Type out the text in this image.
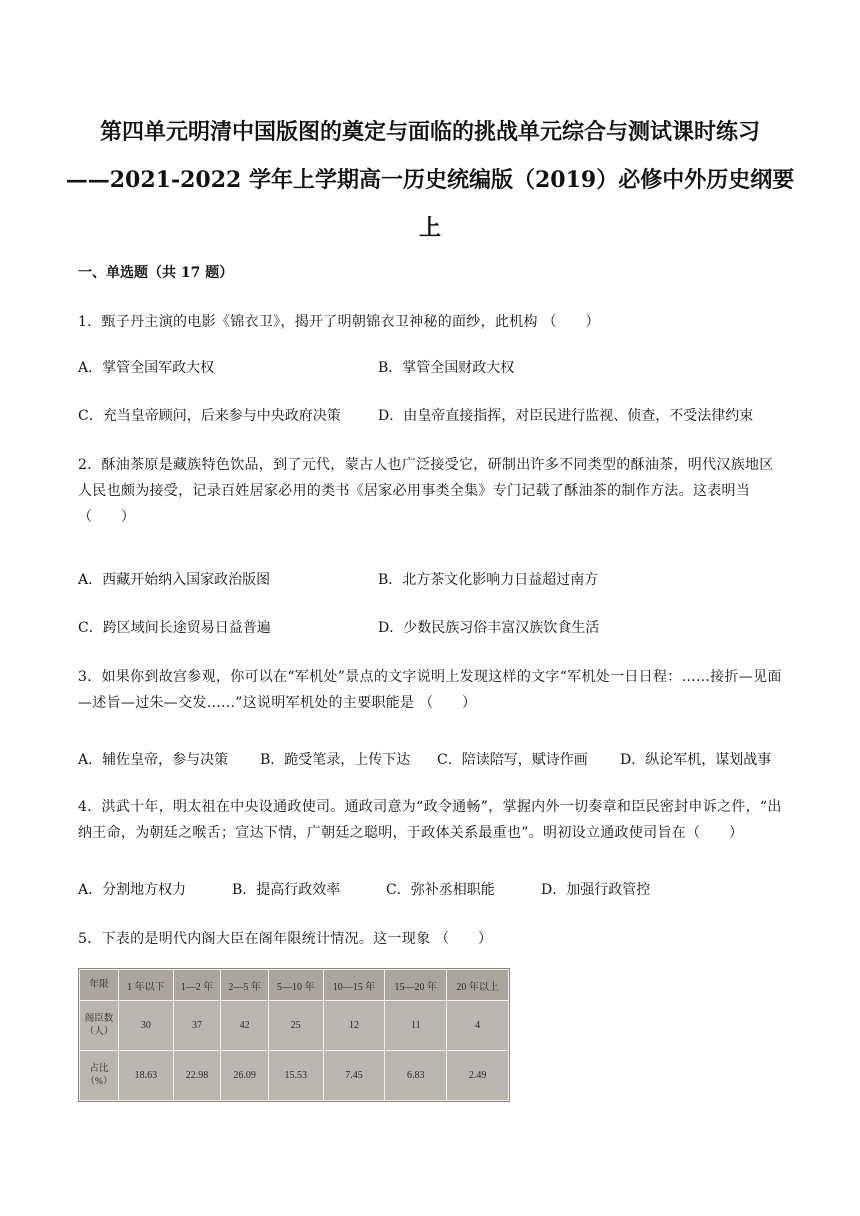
第四单元明清中国版图的奠定与面临的挑战单元综合与测试课时练习
——2021-2022 学年上学期高一历史统编版（2019）必修中外历史纲要
上
一、单选题（共 17 题）
1．甄子丹主演的电影《锦衣卫》，揭开了明朝锦衣卫神秘的面纱，此机构 （　　）
A．掌管全国军政大权	B．掌管全国财政大权
C．充当皇帝顾问，后来参与中央政府决策	D．由皇帝直接指挥，对臣民进行监视、侦查，不受法律约束
2．酥油茶原是藏族特色饮品，到了元代，蒙古人也广泛接受它，研制出许多不同类型的酥油茶，明代汉族地区人民也颇为接受，记录百姓居家必用的类书《居家必用事类全集》专门记载了酥油茶的制作方法。这表明当 （　　）
A．西藏开始纳入国家政治版图	B．北方茶文化影响力日益超过南方
C．跨区域间长途贸易日益普遍	D．少数民族习俗丰富汉族饮食生活
3．如果你到故宫参观，你可以在“军机处”景点的文字说明上发现这样的文字“军机处一日日程：……接折—见面—述旨—过朱—交发……”这说明军机处的主要职能是 （　　）
A．辅佐皇帝，参与决策 B．跪受笔录，上传下达 C．陪读陪写，赋诗作画 D．纵论军机，谋划战事
4．洪武十年，明太祖在中央设通政使司。通政司意为“政令通畅”，掌握内外一切奏章和臣民密封申诉之件，“出纳王命，为朝廷之喉舌；宣达下情，广朝廷之聪明，于政体关系最重也”。明初设立通政使司旨在（　　）
A．分割地方权力	B．提高行政效率	C．弥补丞相职能	D．加强行政管控
5．下表的是明代内阁大臣在阁年限统计情况。这一现象 （　　）
年限	1 年以下	1—2 年	2—5 年	5—10 年	10—15 年	15—20 年	20 年以上
阁臣数（人）	30	37	42	25	12	11	4
占比（%）	18.63	22.98	26.09	15.53	7.45	6.83	2.49
